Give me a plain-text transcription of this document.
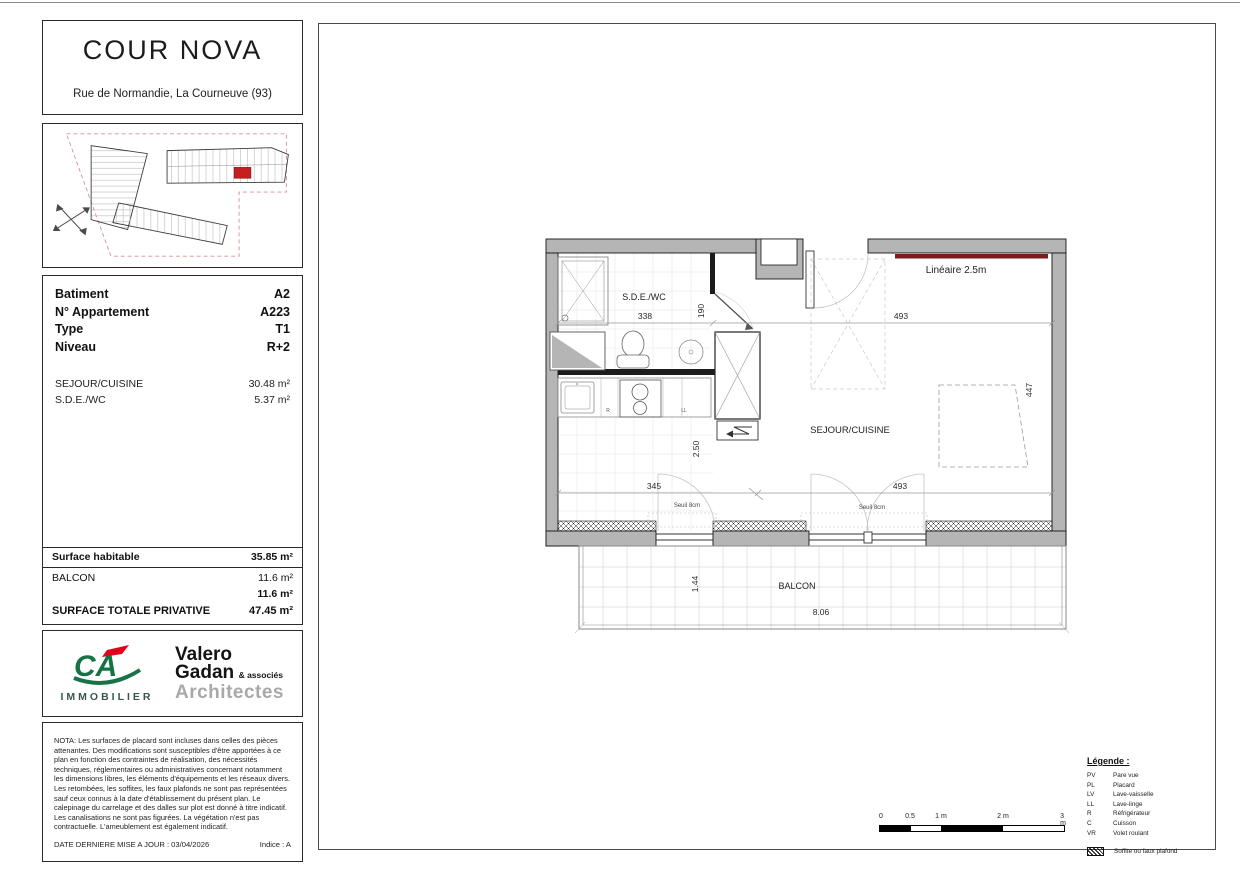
COUR NOVA
Rue de Normandie, La Courneuve (93)
Batiment	A2
N° Appartement	A223
Type	T1
Niveau	R+2
SEJOUR/CUISINE	30.48 m²
S.D.E./WC	5.37 m²
Surface habitable	35.85 m²
BALCON	11.6 m²
11.6 m²
SURFACE TOTALE PRIVATIVE	47.45 m²
CA
IMMOBILIER
Valero
Gadan & associés
Architectes

NOTA: Les surfaces de placard sont incluses dans celles des pièces attenantes. Des modifications sont susceptibles d'être apportées à ce plan en fonction des contraintes de réalisation, des nécessités techniques, réglementaires ou administratives concernant notamment les dimensions libres, les éléments d'équipements et les réseaux divers. Les retombées, les soffites, les faux plafonds ne sont pas représentées sauf ceux connus à la date d'établissement du présent plan. Le calepinage du carrelage et des dalles sur plot est donné à titre indicatif. Les canalisations ne sont pas figurées. La végétation n'est pas contractuelle. L'ameublement est également indicatif.

DATE DERNIERE MISE A JOUR : 03/04/2026	Indice : A
Linéaire 2.5m
R	LL
Seuil 8cm	Seuil 8cm
338	190	493
345	493
2.50
447
S.D.E./WC
SEJOUR/CUISINE
BALCON
8.06
1.44
Légende :
PV	Pare vue
PL	Placard
LV	Lave-vaisselle
LL	Lave-linge
R	Réfrigérateur
C	Cuisson
VR	Volet roulant
Soffite ou faux plafond
0	0.5	1 m	2 m	3 m
